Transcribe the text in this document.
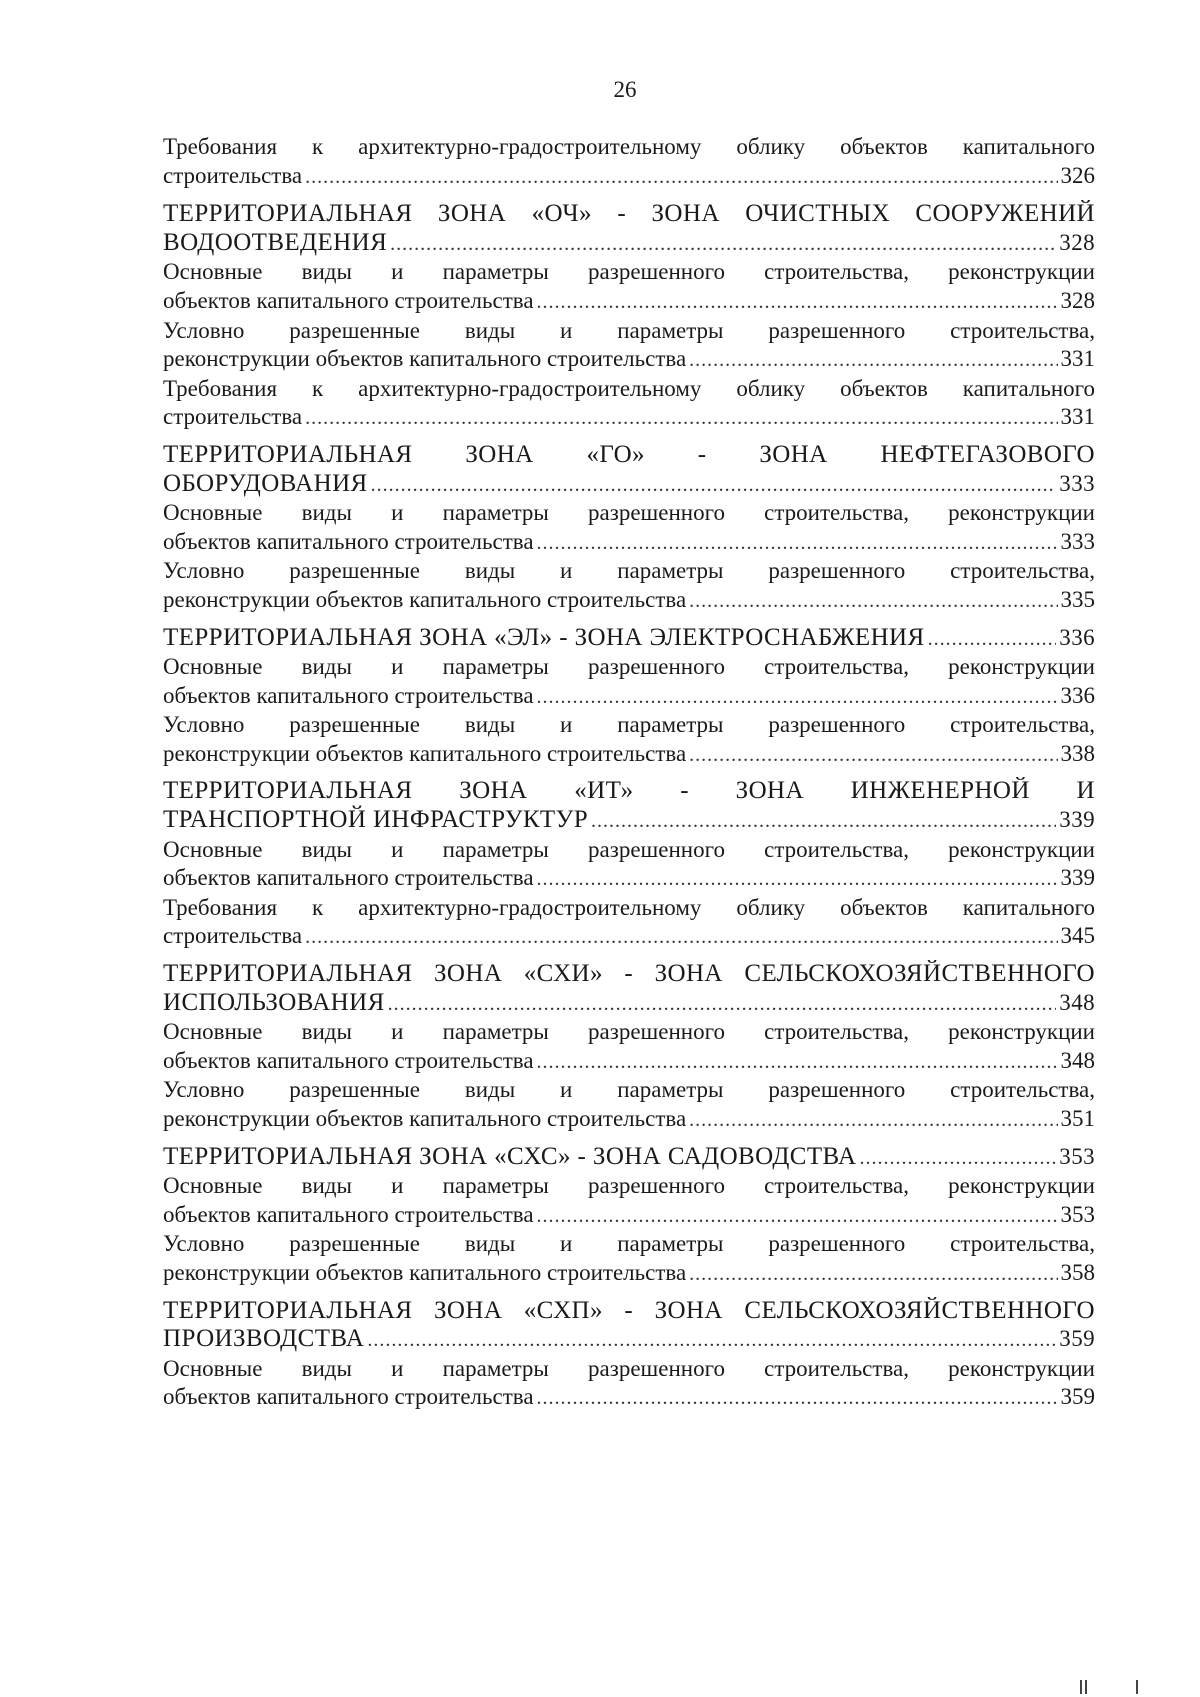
26
Требования к архитектурно-градостроительному облику объектов капитального
строительства .....	326
ТЕРРИТОРИАЛЬНАЯ ЗОНА «ОЧ» - ЗОНА ОЧИСТНЫХ СООРУЖЕНИЙ
ВОДООТВЕДЕНИЯ .....	328
Основные виды и параметры разрешенного строительства, реконструкции
объектов капитального строительства .....	328
Условно разрешенные виды и параметры разрешенного строительства,
реконструкции объектов капитального строительства .....	331
Требования к архитектурно-градостроительному облику объектов капитального
строительства .....	331
ТЕРРИТОРИАЛЬНАЯ ЗОНА «ГО» - ЗОНА НЕФТЕГАЗОВОГО
ОБОРУДОВАНИЯ .....	333
Основные виды и параметры разрешенного строительства, реконструкции
объектов капитального строительства .....	333
Условно разрешенные виды и параметры разрешенного строительства,
реконструкции объектов капитального строительства .....	335
ТЕРРИТОРИАЛЬНАЯ ЗОНА «ЭЛ» - ЗОНА ЭЛЕКТРОСНАБЖЕНИЯ .....	336
Основные виды и параметры разрешенного строительства, реконструкции
объектов капитального строительства .....	336
Условно разрешенные виды и параметры разрешенного строительства,
реконструкции объектов капитального строительства .....	338
ТЕРРИТОРИАЛЬНАЯ ЗОНА «ИТ» - ЗОНА ИНЖЕНЕРНОЙ И
ТРАНСПОРТНОЙ ИНФРАСТРУКТУР .....	339
Основные виды и параметры разрешенного строительства, реконструкции
объектов капитального строительства .....	339
Требования к архитектурно-градостроительному облику объектов капитального
строительства .....	345
ТЕРРИТОРИАЛЬНАЯ ЗОНА «СХИ» - ЗОНА СЕЛЬСКОХОЗЯЙСТВЕННОГО
ИСПОЛЬЗОВАНИЯ .....	348
Основные виды и параметры разрешенного строительства, реконструкции
объектов капитального строительства .....	348
Условно разрешенные виды и параметры разрешенного строительства,
реконструкции объектов капитального строительства .....	351
ТЕРРИТОРИАЛЬНАЯ ЗОНА «СХС» - ЗОНА САДОВОДСТВА .....	353
Основные виды и параметры разрешенного строительства, реконструкции
объектов капитального строительства .....	353
Условно разрешенные виды и параметры разрешенного строительства,
реконструкции объектов капитального строительства .....	358
ТЕРРИТОРИАЛЬНАЯ ЗОНА «СХП» - ЗОНА СЕЛЬСКОХОЗЯЙСТВЕННОГО
ПРОИЗВОДСТВА .....	359
Основные виды и параметры разрешенного строительства, реконструкции
объектов капитального строительства .....	359
